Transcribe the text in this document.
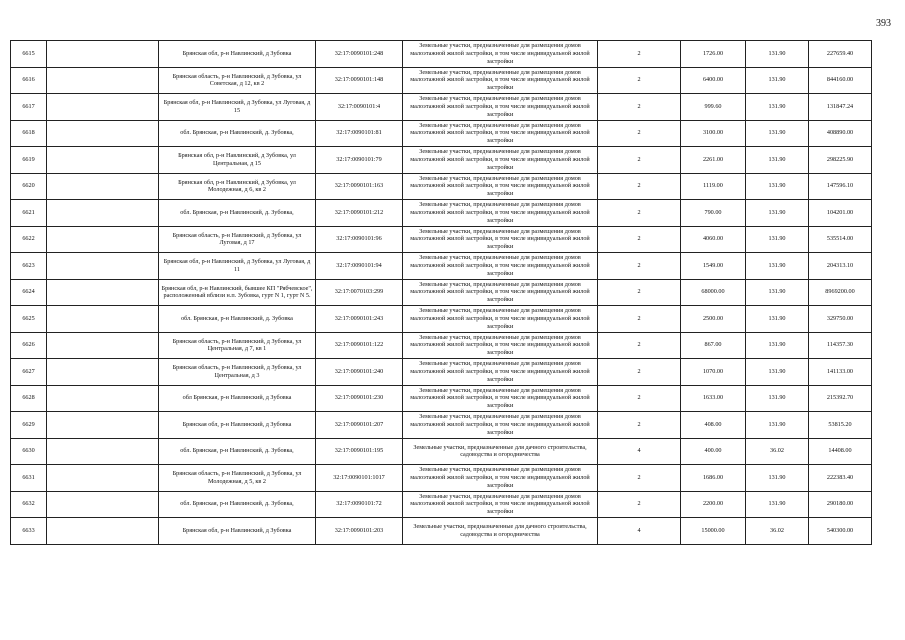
393
6615		Брянская обл, р-н Навлинский, д Зубовка	32:17:0090101:248	Земельные участки, предназначенные для размещения домов малоэтажной жилой застройки, в том числе индивидуальной жилой застройки	2	1726.00	131.90	227659.40
6616		Брянская область, р-н Навлинский, д Зубовка, ул Советская, д 12, кв 2	32:17:0090101:148	Земельные участки, предназначенные для размещения домов малоэтажной жилой застройки, в том числе индивидуальной жилой застройки	2	6400.00	131.90	844160.00
6617		Брянская обл, р-н Навлинский, д Зубовка, ул Луговая, д 15	32:17:0090101:4	Земельные участки, предназначенные для размещения домов малоэтажной жилой застройки, в том числе индивидуальной жилой застройки	2	999.60	131.90	131847.24
6618		обл. Брянская, р-н Навлинский, д. Зубовка,	32:17:0090101:81	Земельные участки, предназначенные для размещения домов малоэтажной жилой застройки, в том числе индивидуальной жилой застройки	2	3100.00	131.90	408890.00
6619		Брянская обл, р-н Навлинский, д Зубовка, ул Центральная, д 15	32:17:0090101:79	Земельные участки, предназначенные для размещения домов малоэтажной жилой застройки, в том числе индивидуальной жилой застройки	2	2261.00	131.90	298225.90
6620		Брянская обл, р-н Навлинский, д Зубовка, ул Молодежная, д 6, кв 2	32:17:0090101:163	Земельные участки, предназначенные для размещения домов малоэтажной жилой застройки, в том числе индивидуальной жилой застройки	2	1119.00	131.90	147596.10
6621		обл. Брянская, р-н Навлинский, д. Зубовка,	32:17:0090101:212	Земельные участки, предназначенные для размещения домов малоэтажной жилой застройки, в том числе индивидуальной жилой застройки	2	790.00	131.90	104201.00
6622		Брянская область, р-н Навлинский, д Зубовка, ул Луговая, д 17	32:17:0090101:96	Земельные участки, предназначенные для размещения домов малоэтажной жилой застройки, в том числе индивидуальной жилой застройки	2	4060.00	131.90	535514.00
6623		Брянская обл, р-н Навлинский, д Зубовка, ул Луговая, д 11	32:17:0090101:94	Земельные участки, предназначенные для размещения домов малоэтажной жилой застройки, в том числе индивидуальной жилой застройки	2	1549.00	131.90	204313.10
6624		Брянская обл, р-н Навлинский, бывшее КП "Рябчевское", расположенный вблизи н.п. Зубовка, гурт N 1, гурт N 5.	32:17:0070103:299	Земельные участки, предназначенные для размещения домов малоэтажной жилой застройки, в том числе индивидуальной жилой застройки	2	68000.00	131.90	8969200.00
6625		обл. Брянская, р-н Навлинский, д. Зубовка	32:17:0090101:243	Земельные участки, предназначенные для размещения домов малоэтажной жилой застройки, в том числе индивидуальной жилой застройки	2	2500.00	131.90	329750.00
6626		Брянская область, р-н Навлинский, д Зубовка, ул Центральная, д 7, кв 1	32:17:0090101:122	Земельные участки, предназначенные для размещения домов малоэтажной жилой застройки, в том числе индивидуальной жилой застройки	2	867.00	131.90	114357.30
6627		Брянская область, р-н Навлинский, д Зубовка, ул Центральная, д 3	32:17:0090101:240	Земельные участки, предназначенные для размещения домов малоэтажной жилой застройки, в том числе индивидуальной жилой застройки	2	1070.00	131.90	141133.00
6628		обл Брянская, р-н Навлинский, д Зубовка	32:17:0090101:230	Земельные участки, предназначенные для размещения домов малоэтажной жилой застройки, в том числе индивидуальной жилой застройки	2	1633.00	131.90	215392.70
6629		Брянская обл, р-н Навлинский, д Зубовка	32:17:0090101:207	Земельные участки, предназначенные для размещения домов малоэтажной жилой застройки, в том числе индивидуальной жилой застройки	2	408.00	131.90	53815.20
6630		обл. Брянская, р-н Навлинский, д. Зубовка,	32:17:0090101:195	Земельные участки, предназначенные для дачного строительства, садоводства и огородничества	4	400.00	36.02	14408.00
6631		Брянская область, р-н Навлинский, д Зубовка, ул Молодежная, д 5, кв 2	32:17:0090101:1017	Земельные участки, предназначенные для размещения домов малоэтажной жилой застройки, в том числе индивидуальной жилой застройки	2	1686.00	131.90	222383.40
6632		обл. Брянская, р-н Навлинский, д. Зубовка,	32:17:0090101:72	Земельные участки, предназначенные для размещения домов малоэтажной жилой застройки, в том числе индивидуальной жилой застройки	2	2200.00	131.90	290180.00
6633		Брянская обл, р-н Навлинский, д Зубовка	32:17:0090101:203	Земельные участки, предназначенные для дачного строительства, садоводства и огородничества	4	15000.00	36.02	540300.00
